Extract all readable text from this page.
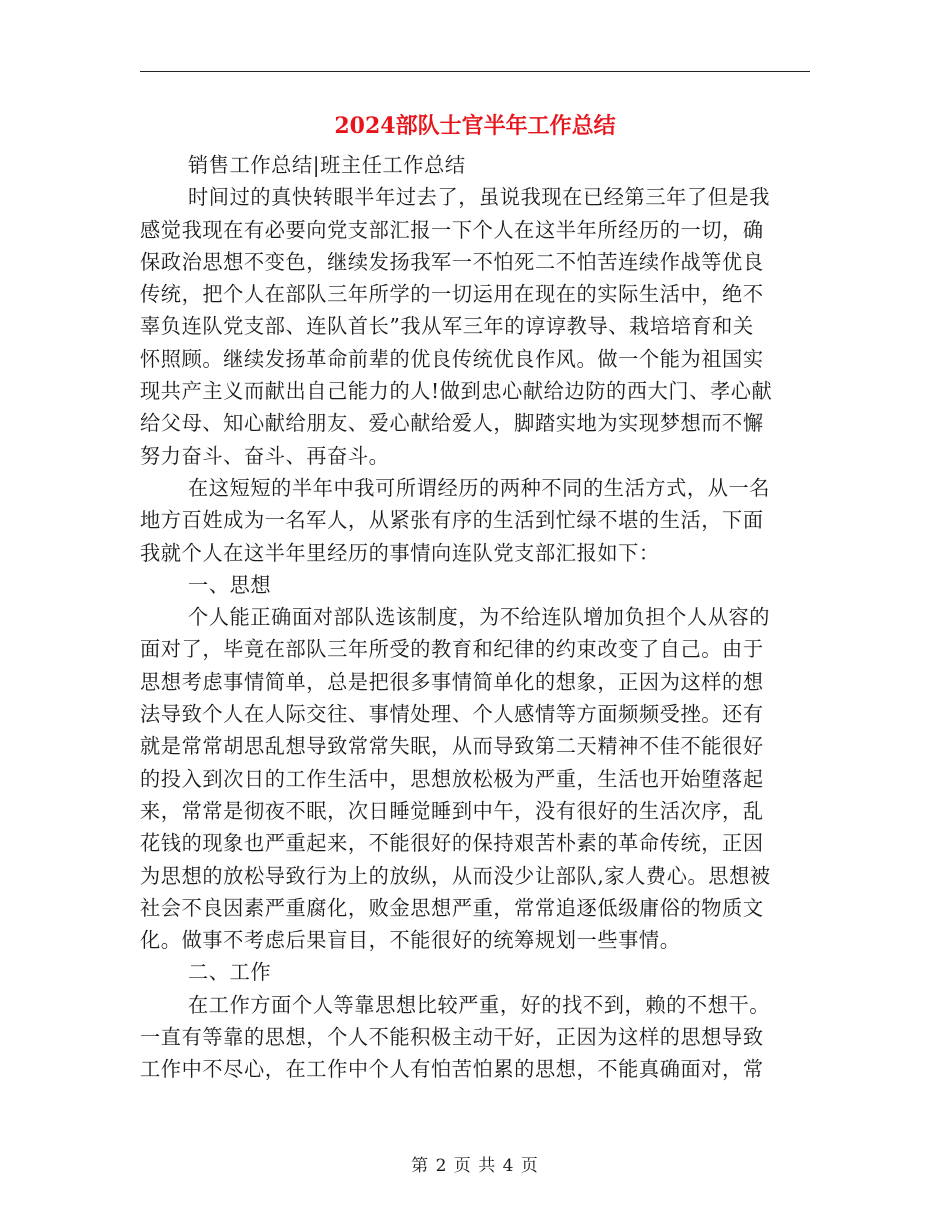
2024部队士官半年工作总结
销售工作总结|班主任工作总结
时间过的真快转眼半年过去了，虽说我现在已经第三年了但是我
感觉我现在有必要向党支部汇报一下个人在这半年所经历的一切，确
保政治思想不变色，继续发扬我军一不怕死二不怕苦连续作战等优良
传统，把个人在部队三年所学的一切运用在现在的实际生活中，绝不
辜负连队党支部、连队首长”我从军三年的谆谆教导、栽培培育和关
怀照顾。继续发扬革命前辈的优良传统优良作风。做一个能为祖国实
现共产主义而献出自己能力的人!做到忠心献给边防的西大门、孝心献
给父母、知心献给朋友、爱心献给爱人，脚踏实地为实现梦想而不懈
努力奋斗、奋斗、再奋斗。
在这短短的半年中我可所谓经历的两种不同的生活方式，从一名
地方百姓成为一名军人，从紧张有序的生活到忙绿不堪的生活，下面
我就个人在这半年里经历的事情向连队党支部汇报如下：
一、思想
个人能正确面对部队选该制度，为不给连队增加负担个人从容的
面对了，毕竟在部队三年所受的教育和纪律的约束改变了自己。由于
思想考虑事情简单，总是把很多事情简单化的想象，正因为这样的想
法导致个人在人际交往、事情处理、个人感情等方面频频受挫。还有
就是常常胡思乱想导致常常失眠，从而导致第二天精神不佳不能很好
的投入到次日的工作生活中，思想放松极为严重，生活也开始堕落起
来，常常是彻夜不眠，次日睡觉睡到中午，没有很好的生活次序，乱
花钱的现象也严重起来，不能很好的保持艰苦朴素的革命传统，正因
为思想的放松导致行为上的放纵，从而没少让部队,家人费心。思想被
社会不良因素严重腐化，败金思想严重，常常追逐低级庸俗的物质文
化。做事不考虑后果盲目，不能很好的统筹规划一些事情。
二、工作
在工作方面个人等靠思想比较严重，好的找不到，赖的不想干。
一直有等靠的思想，个人不能积极主动干好，正因为这样的思想导致
工作中不尽心，在工作中个人有怕苦怕累的思想，不能真确面对，常
第 2 页 共 4 页
